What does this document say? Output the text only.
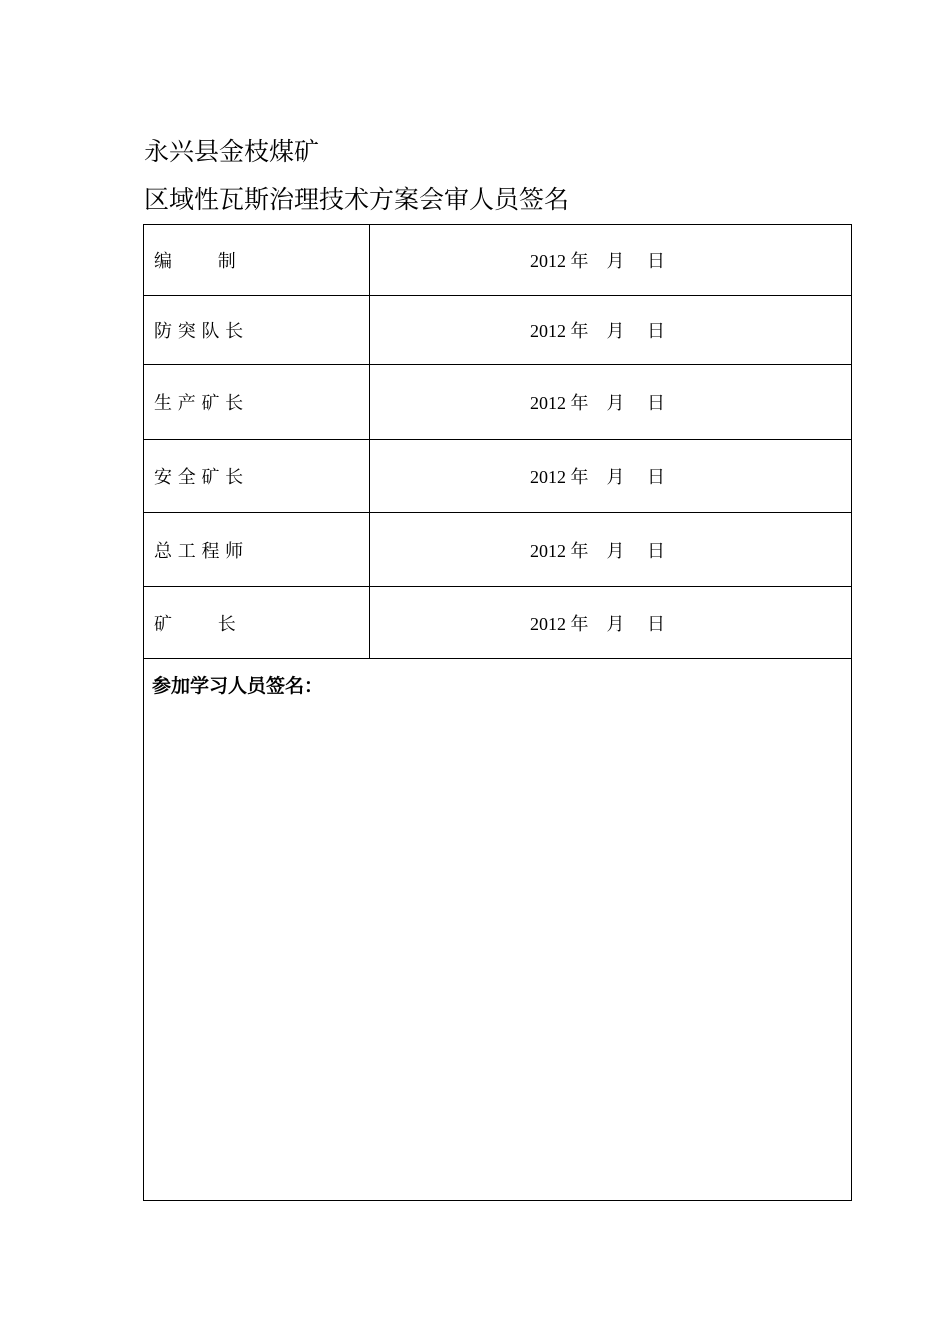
永兴县金枝煤矿
区域性瓦斯治理技术方案会审人员签名
编        制	2012 年    月     日

防 突 队 长	2012 年    月     日

生 产 矿 长	2012 年    月     日

安 全 矿 长	2012 年    月     日

总 工 程 师	2012 年    月     日

矿        长	2012 年    月     日

参加学习人员签名：	
